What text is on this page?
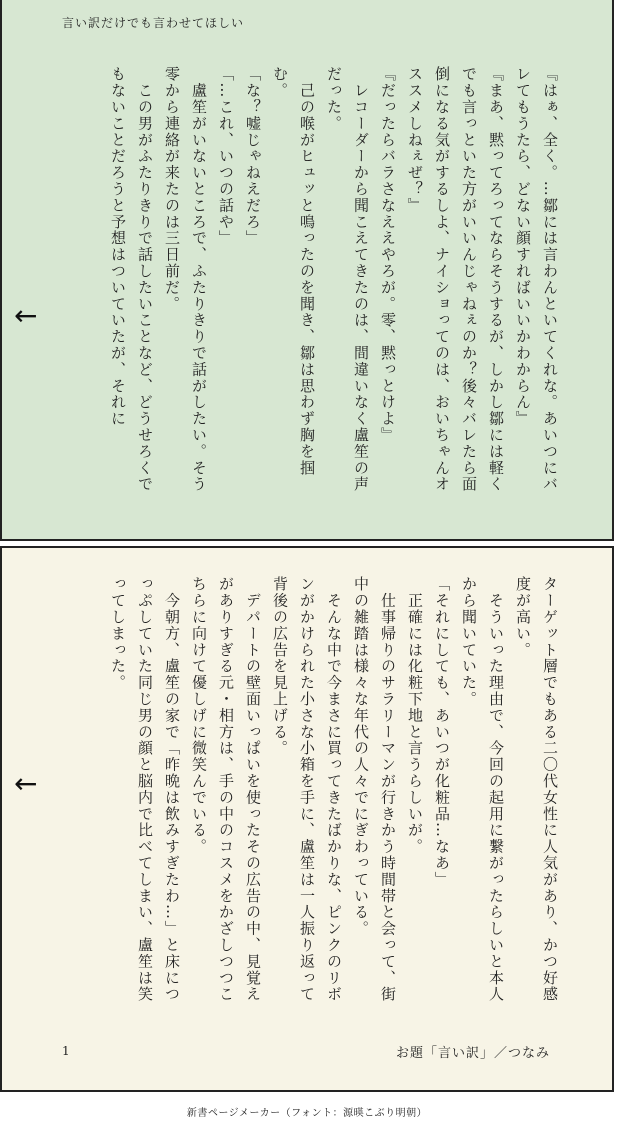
言い訳だけでも言わせてほしい

『はぁ、全く。…鄒には言わんといてくれな。あいつにバレてもうたら、どない顔すればいいかわからん』

『まあ、黙ってろってならそうするが、しかし鄒には軽くでも言っといた方がいいんじゃねぇのか？後々バレたら面倒になる気がするしよ、ナイショってのは、おいちゃんオススメしねぇぜ？』

『だったらバラさなええやろが。零、黙っとけよ』

　レコーダーから聞こえてきたのは、間違いなく盧笙の声だった。

　己の喉がヒュッと鳴ったのを聞き、鄒は思わず胸を掴む。

「な？嘘じゃねえだろ」

「…これ、いつの話や」

　盧笙がいないところで、ふたりきりで話がしたい。そう零から連絡が来たのは三日前だ。

　この男がふたりきりで話したいことなど、どうせろくでもないことだろうと予想はついていたが、それに

←

ターゲット層でもある二〇代女性に人気があり、かつ好感度が高い。

　そういった理由で、今回の起用に繋がったらしいと本人から聞いていた。

「それにしても、あいつが化粧品…なあ」

　正確には化粧下地と言うらしいが。

　仕事帰りのサラリーマンが行きかう時間帯と会って、街中の雑踏は様々な年代の人々でにぎわっている。

　そんな中で今まさに買ってきたばかりな、ピンクのリボンがかけられた小さな小箱を手に、盧笙は一人振り返って背後の広告を見上げる。

　デパートの壁面いっぱいを使ったその広告の中、見覚えがありすぎる元・相方は、手の中のコスメをかざしつつこちらに向けて優しげに微笑んでいる。

　今朝方、盧笙の家で「昨晩は飲みすぎたわ…」と床につっぷしていた同じ男の顔と脳内で比べてしまい、盧笙は笑ってしまった。

←
1	お題「言い訳」／つなみ
新書ページメーカー（フォント：源暎こぶり明朝）
